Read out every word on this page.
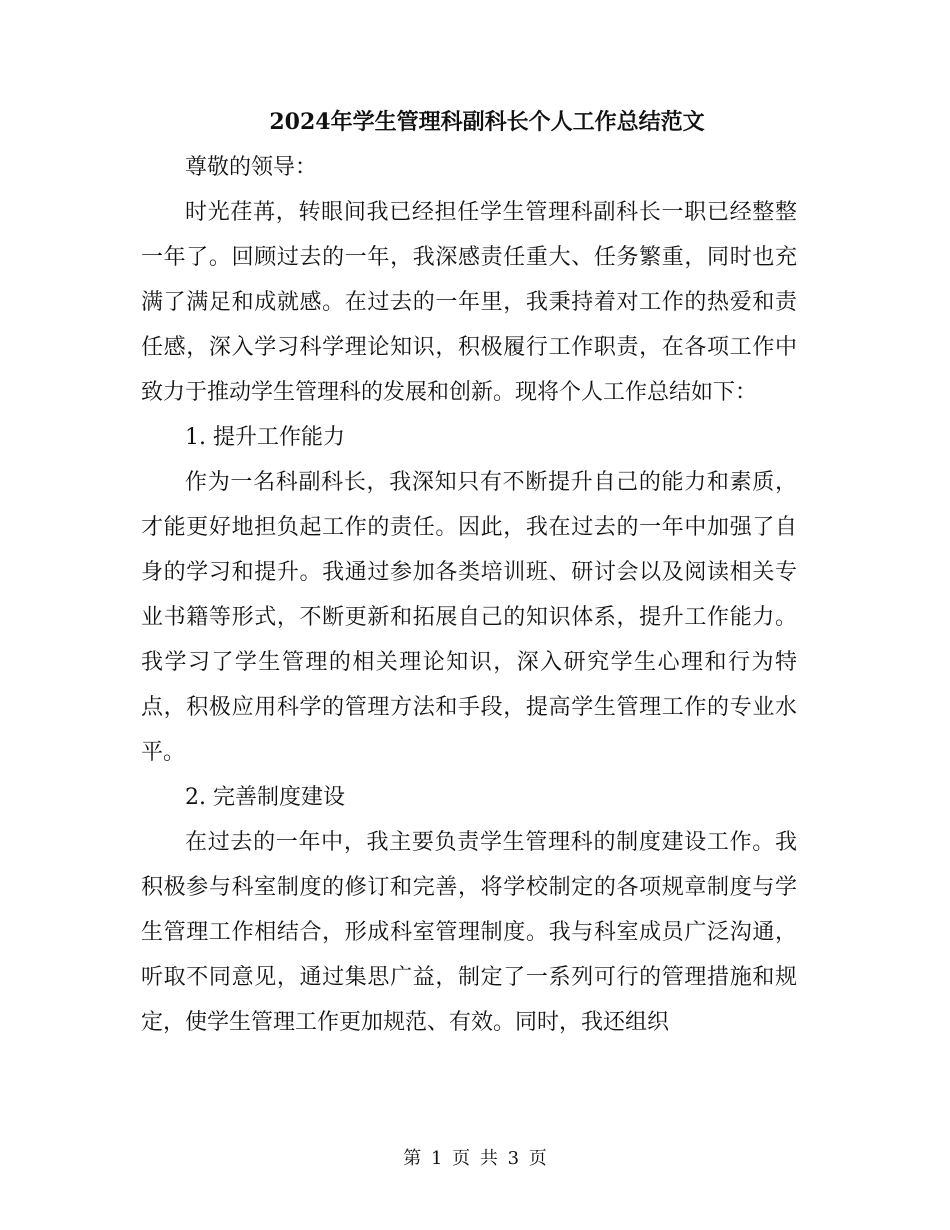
2024年学生管理科副科长个人工作总结范文

尊敬的领导：

时光荏苒，转眼间我已经担任学生管理科副科长一职已经整整一年了。回顾过去的一年，我深感责任重大、任务繁重，同时也充满了满足和成就感。在过去的一年里，我秉持着对工作的热爱和责任感，深入学习科学理论知识，积极履行工作职责，在各项工作中致力于推动学生管理科的发展和创新。现将个人工作总结如下：

1. 提升工作能力

作为一名科副科长，我深知只有不断提升自己的能力和素质，才能更好地担负起工作的责任。因此，我在过去的一年中加强了自身的学习和提升。我通过参加各类培训班、研讨会以及阅读相关专业书籍等形式，不断更新和拓展自己的知识体系，提升工作能力。我学习了学生管理的相关理论知识，深入研究学生心理和行为特点，积极应用科学的管理方法和手段，提高学生管理工作的专业水平。

2. 完善制度建设

在过去的一年中，我主要负责学生管理科的制度建设工作。我积极参与科室制度的修订和完善，将学校制定的各项规章制度与学生管理工作相结合，形成科室管理制度。我与科室成员广泛沟通，听取不同意见，通过集思广益，制定了一系列可行的管理措施和规定，使学生管理工作更加规范、有效。同时，我还组织

第 1 页 共 3 页
